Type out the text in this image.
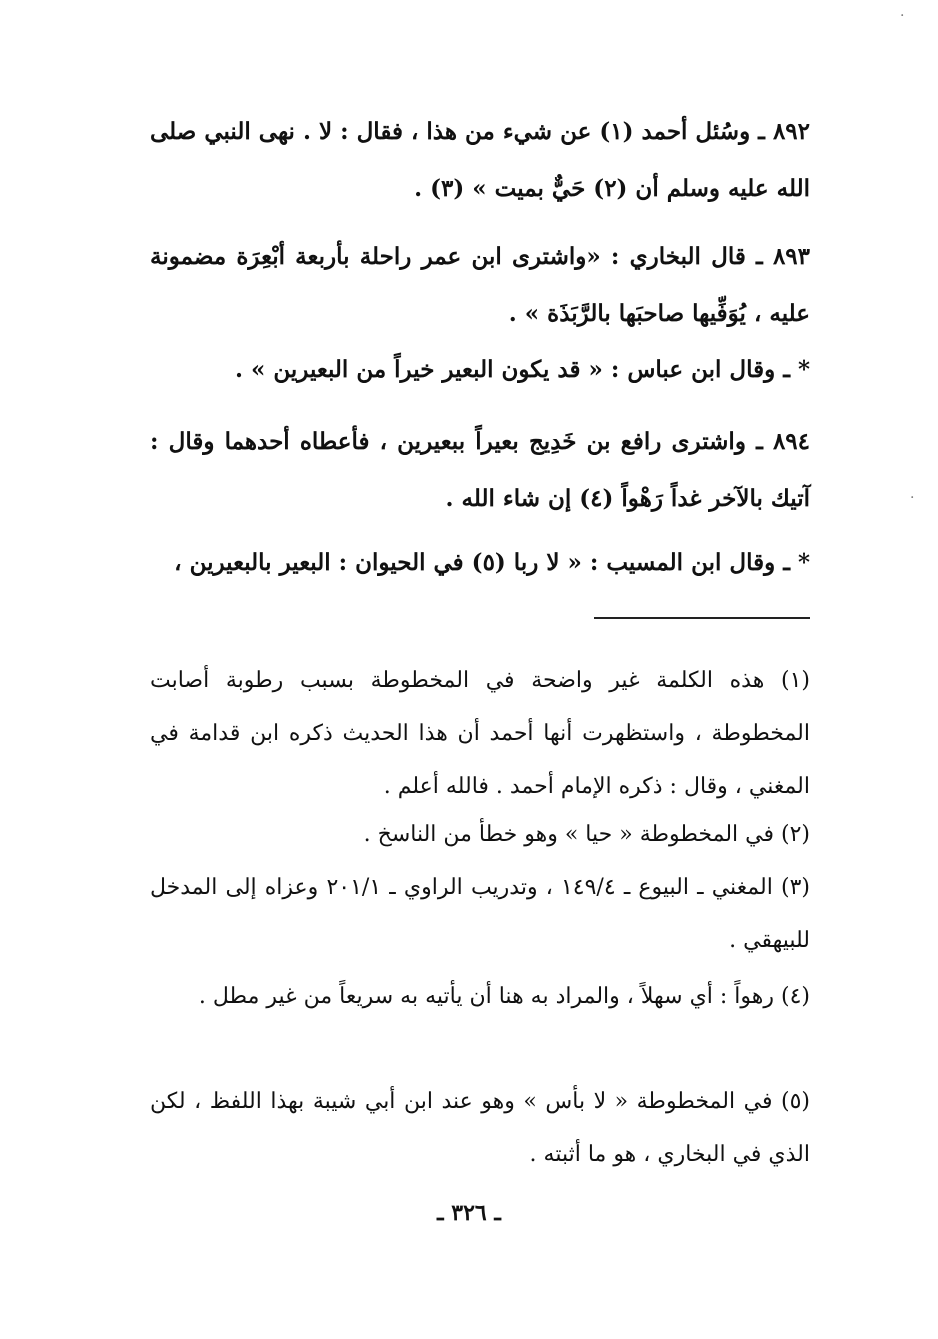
٨٩٢ ـ وسُئل أحمد (١) عن شيء من هذا ، فقال : لا . نهى النبي صلى الله عليه وسلم أن (٢) حَيٌّ بميت » (٣) .
٨٩٣ ـ قال البخاري : «واشترى ابن عمر راحلة بأربعة أبْعِرَة مضمونة عليه ، يُوَفِّيها صاحبَها بالرَّبَذَة » .
* ـ وقال ابن عباس : « قد يكون البعير خيراً من البعيرين » .
٨٩٤ ـ واشترى رافع بن خَدِيج بعيراً ببعيرين ، فأعطاه أحدهما وقال : آتيك بالآخر غداً رَهْواً (٤) إن شاء الله .
* ـ وقال ابن المسيب : « لا ربا (٥) في الحيوان : البعير بالبعيرين ،
(١) هذه الكلمة غير واضحة في المخطوطة بسبب رطوبة أصابت المخطوطة ، واستظهرت أنها أحمد أن هذا الحديث ذكره ابن قدامة في المغني ، وقال : ذكره الإمام أحمد . فالله أعلم .
(٢) في المخطوطة « حيا » وهو خطأ من الناسخ .
(٣) المغني ـ البيوع ـ ١٤٩/٤ ، وتدريب الراوي ـ ٢٠١/١ وعزاه إلى المدخل للبيهقي .
(٤) رهواً : أي سهلاً ، والمراد به هنا أن يأتيه به سريعاً من غير مطل .
(٥) في المخطوطة « لا بأس » وهو عند ابن أبي شيبة بهذا اللفظ ، لكن الذي في البخاري ، هو ما أثبته .
ـ ٣٢٦ ـ
·
·
